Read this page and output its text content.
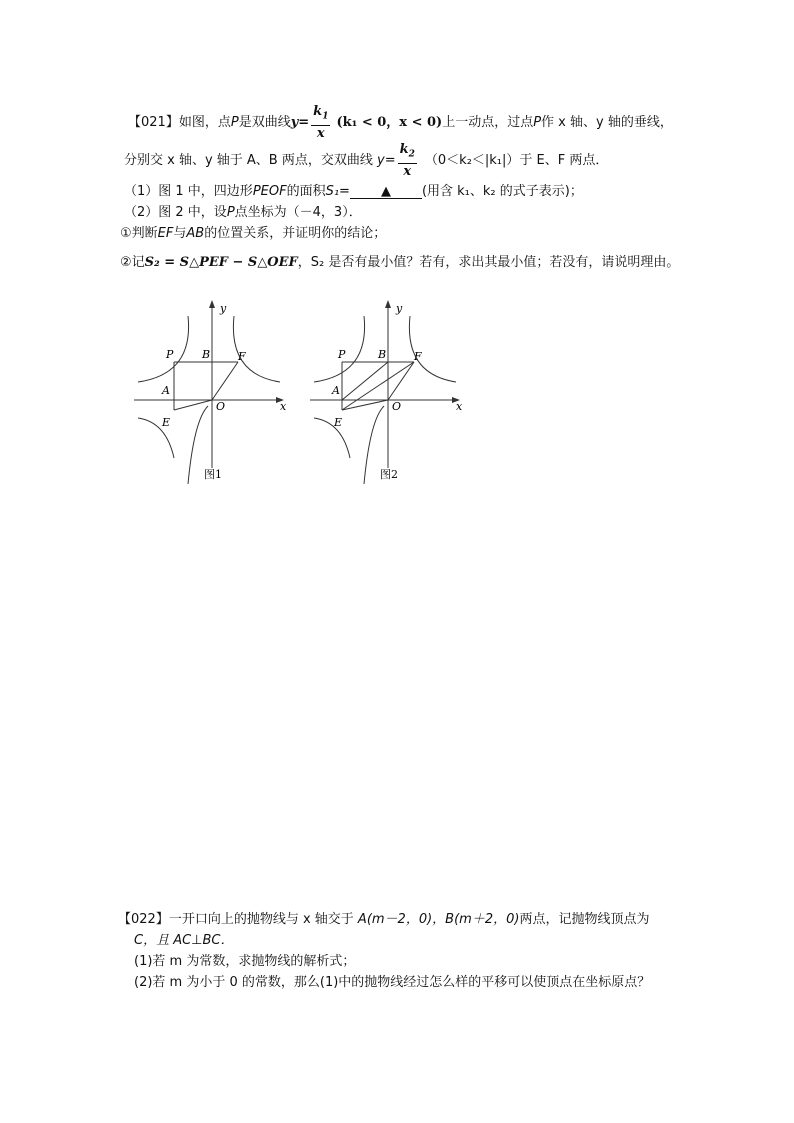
【021】如图，点P是双曲线$y= \frac{k_1}{x} (k_1 < 0$，x < 0)上一动点，过点P作 x 轴、y 轴的垂线，
分别交 x 轴、y 轴于 A、B 两点，交双曲线 $y= \frac{k_2}{x} (0<k_2<|k_1|)$于 E、F 两点．
（1）图 1 中，四边形PEOF的面积S₁= ▲ (用含 k₁、k₂ 的式子表示)；
（2）图 2 中，设P点坐标为（－4，3）．
①判断EF与AB的位置关系，并证明你的结论；
②记S₂ = S△PEF − S△OEF，S₂ 是否有最小值？若有，求出其最小值；若没有，请说明理由。
y
x
P	B	F
A
O
E
图1
y
x
P	B	F
A
O
E
图2
【022】一开口向上的抛物线与 x 轴交于 A(m－2，0)，B(m＋2，0)两点，记抛物线顶点为
C，且 AC⊥BC．
(1)若 m 为常数，求抛物线的解析式；
(2)若 m 为小于 0 的常数，那么(1)中的抛物线经过怎么样的平移可以使顶点在坐标原点？
